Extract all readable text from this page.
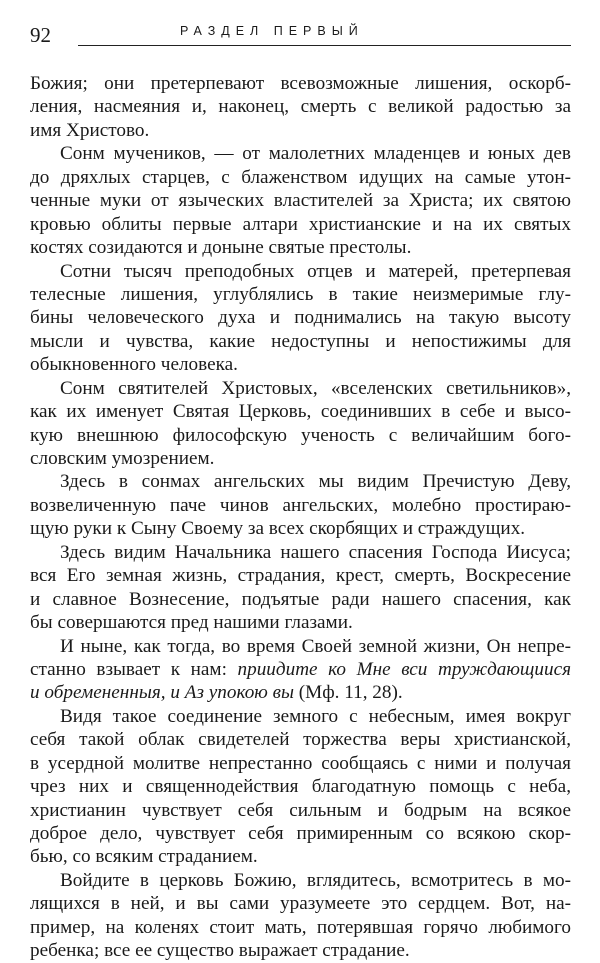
92	РАЗДЕЛ ПЕРВЫЙ
Божия; они претерпевают всевозможные лишения, оскорб-
ления, насмеяния и, наконец, смерть с великой радостью за
имя Христово.
Сонм мучеников, — от малолетних младенцев и юных дев
до дряхлых старцев, с блаженством идущих на самые утон-
ченные муки от языческих властителей за Христа; их святою
кровью облиты первые алтари христианские и на их святых
костях созидаются и доныне святые престолы.
Сотни тысяч преподобных отцев и матерей, претерпевая
телесные лишения, углублялись в такие неизмеримые глу-
бины человеческого духа и поднимались на такую высоту
мысли и чувства, какие недоступны и непостижимы для
обыкновенного человека.
Сонм святителей Христовых, «вселенских светильников»,
как их именует Святая Церковь, соединивших в себе и высо-
кую внешнюю философскую ученость с величайшим бого-
словским умозрением.
Здесь в сонмах ангельских мы видим Пречистую Деву,
возвеличенную паче чинов ангельских, молебно простираю-
щую руки к Сыну Своему за всех скорбящих и страждущих.
Здесь видим Начальника нашего спасения Господа Иисуса;
вся Его земная жизнь, страдания, крест, смерть, Воскресение
и славное Вознесение, подъятые ради нашего спасения, как
бы совершаются пред нашими глазами.
И ныне, как тогда, во время Своей земной жизни, Он непре-
станно взывает к нам: приидите ко Мне вси труждающиися
и обремененныя, и Аз упокою вы (Мф. 11, 28).
Видя такое соединение земного с небесным, имея вокруг
себя такой облак свидетелей торжества веры христианской,
в усердной молитве непрестанно сообщаясь с ними и получая
чрез них и священнодействия благодатную помощь с неба,
христианин чувствует себя сильным и бодрым на всякое
доброе дело, чувствует себя примиренным со всякою скор-
бью, со всяким страданием.
Войдите в церковь Божию, вглядитесь, всмотритесь в мо-
лящихся в ней, и вы сами уразумеете это сердцем. Вот, на-
пример, на коленях стоит мать, потерявшая горячо любимого
ребенка; все ее существо выражает страдание.
